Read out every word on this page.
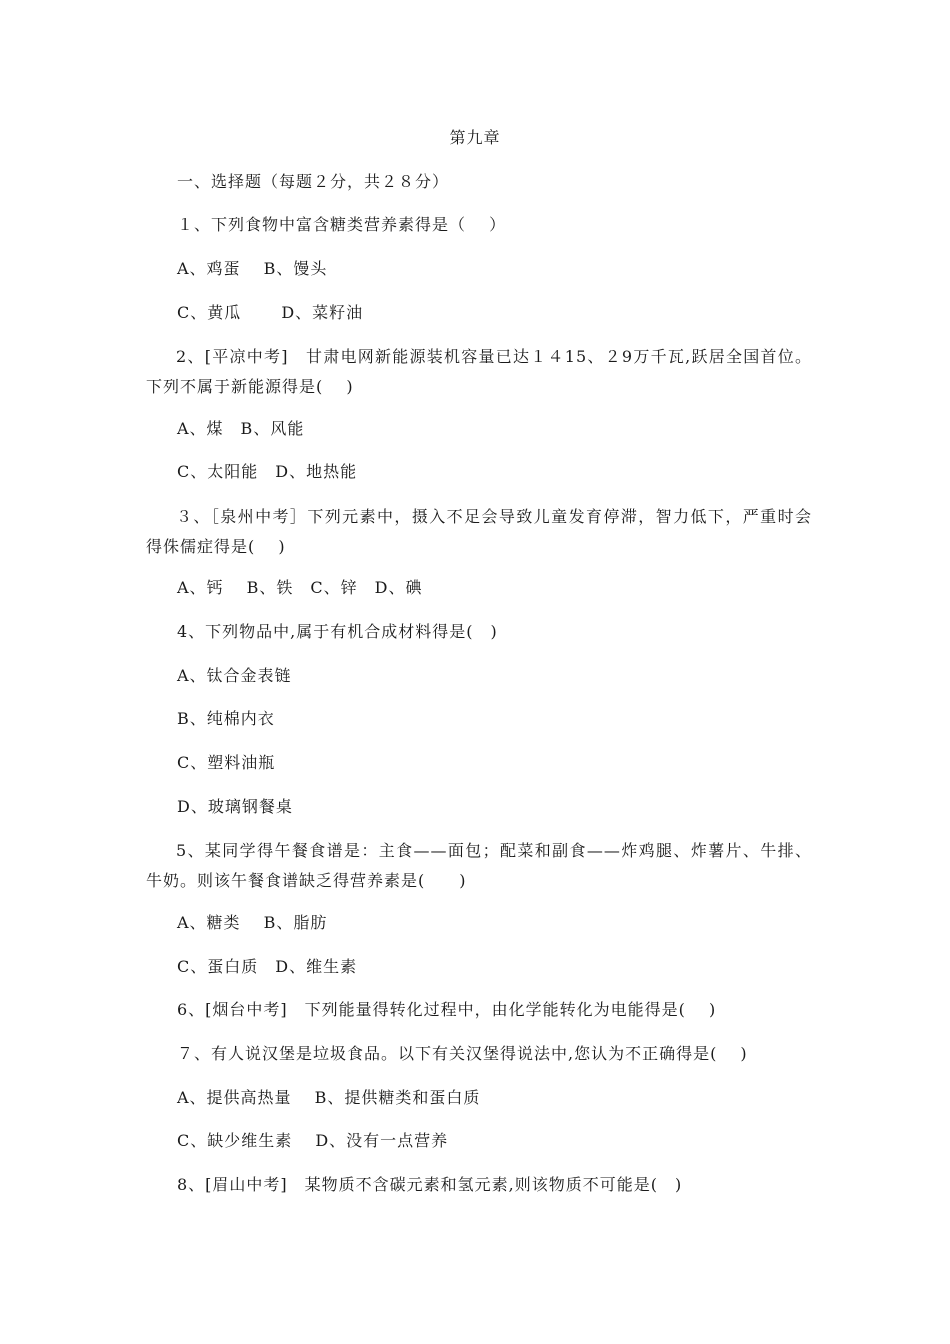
第九章
一、选择题（每题２分，共２８分）
１、下列食物中富含糖类营养素得是（　 ）
A、鸡蛋　 B、馒头
C、黄瓜　　 D、菜籽油
2、[平凉中考]　甘肃电网新能源装机容量已达１４15、２9万千瓦,跃居全国首位。下列不属于新能源得是(　 )
A、煤　B、风能
C、太阳能　D、地热能
３、［泉州中考］下列元素中，摄入不足会导致儿童发育停滞，智力低下，严重时会得侏儒症得是(　 )
A、钙　 B、铁　C、锌　D、碘
4、下列物品中,属于有机合成材料得是(　)
A、钛合金表链
B、纯棉内衣
C、塑料油瓶
D、玻璃钢餐桌
5、某同学得午餐食谱是：主食——面包；配菜和副食——炸鸡腿、炸薯片、牛排、牛奶。则该午餐食谱缺乏得营养素是(　　)
A、糖类　 B、脂肪
C、蛋白质　D、维生素
6、[烟台中考]　下列能量得转化过程中，由化学能转化为电能得是(　 )
７、有人说汉堡是垃圾食品。以下有关汉堡得说法中,您认为不正确得是(　 )
A、提供高热量　 B、提供糖类和蛋白质
C、缺少维生素　 D、没有一点营养
8、[眉山中考]　某物质不含碳元素和氢元素,则该物质不可能是(　)
